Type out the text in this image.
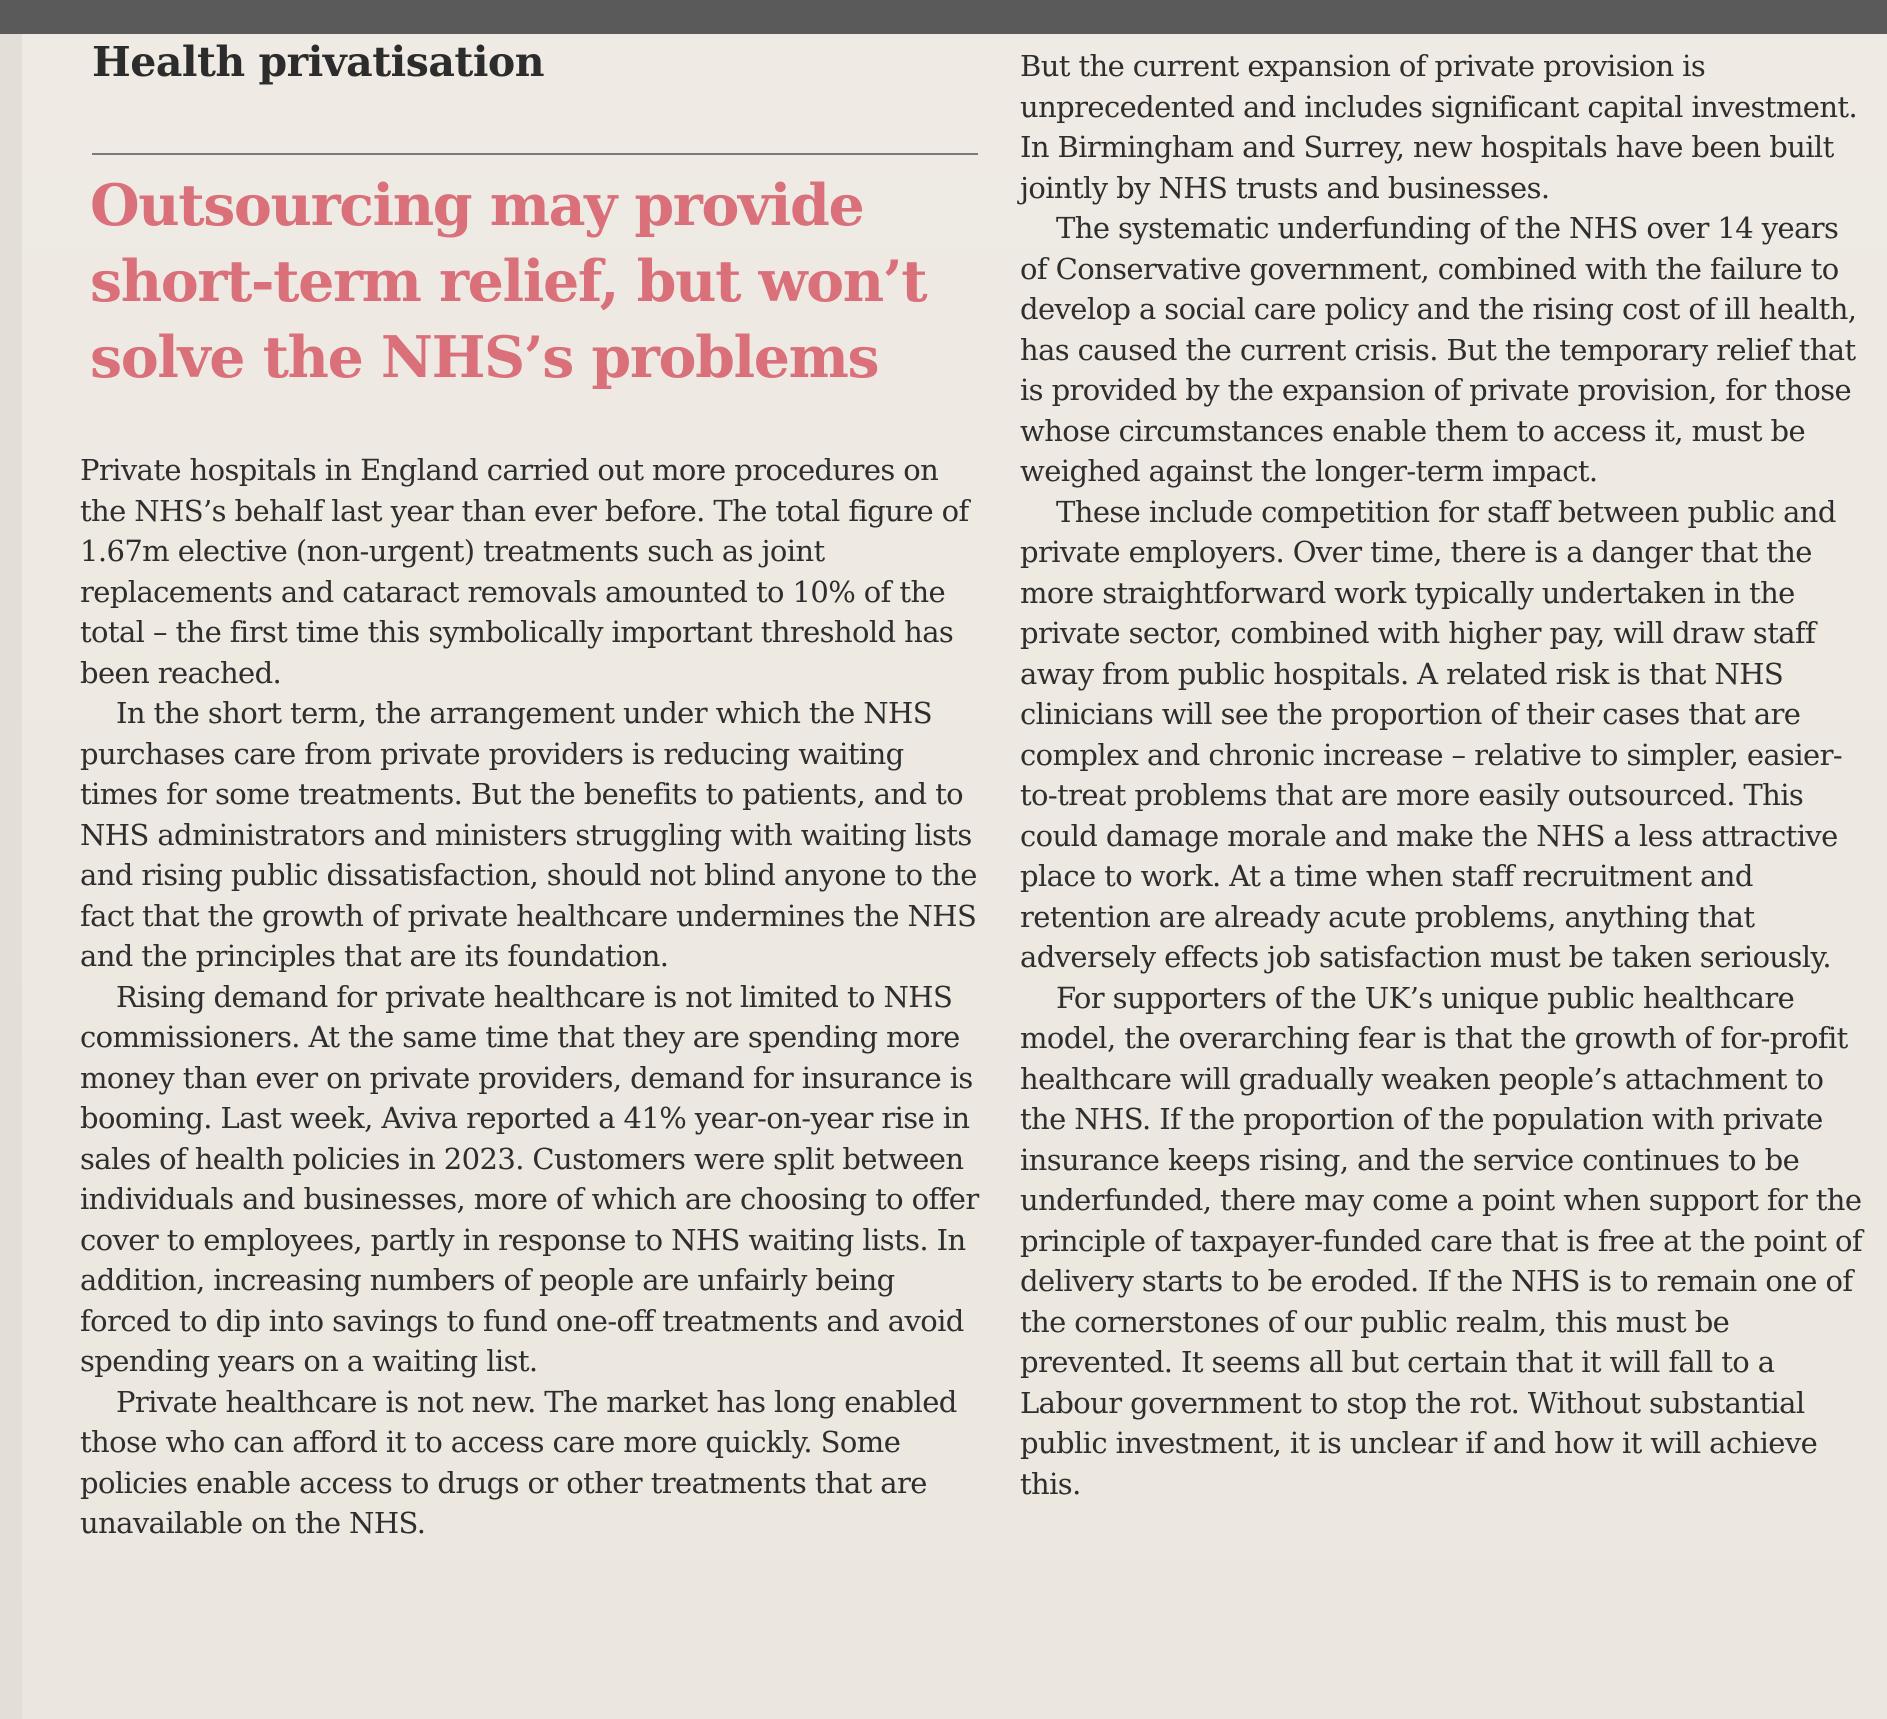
Health privatisation
Outsourcing may provide
short-term relief, but won’t
solve the NHS’s problems

Private hospitals in England carried out more procedures on the NHS’s behalf last year than ever before. The total figure of 1.67m elective (non-urgent) treatments such as joint replacements and cataract removals amounted to 10% of the total – the first time this symbolically important threshold has been reached.

In the short term, the arrangement under which the NHS purchases care from private providers is reducing waiting times for some treatments. But the benefits to patients, and to NHS administrators and ministers struggling with waiting lists and rising public dissatisfaction, should not blind anyone to the fact that the growth of private healthcare undermines the NHS and the principles that are its foundation.

Rising demand for private healthcare is not limited to NHS commissioners. At the same time that they are spending more money than ever on private providers, demand for insurance is booming. Last week, Aviva reported a 41% year-on-year rise in sales of health policies in 2023. Customers were split between individuals and businesses, more of which are choosing to offer cover to employees, partly in response to NHS waiting lists. In addition, increasing numbers of people are unfairly being forced to dip into savings to fund one-off treatments and avoid spending years on a waiting list.

Private healthcare is not new. The market has long enabled those who can afford it to access care more quickly. Some policies enable access to drugs or other treatments that are unavailable on the NHS.

But the current expansion of private provision is unprecedented and includes significant capital investment. In Birmingham and Surrey, new hospitals have been built jointly by NHS trusts and businesses.

The systematic underfunding of the NHS over 14 years of Conservative government, combined with the failure to develop a social care policy and the rising cost of ill health, has caused the current crisis. But the temporary relief that is provided by the expansion of private provision, for those whose circumstances enable them to access it, must be weighed against the longer-term impact.

These include competition for staff between public and private employers. Over time, there is a danger that the more straightforward work typically undertaken in the private sector, combined with higher pay, will draw staff away from public hospitals. A related risk is that NHS clinicians will see the proportion of their cases that are complex and chronic increase – relative to simpler, easier-to-treat problems that are more easily outsourced. This could damage morale and make the NHS a less attractive place to work. At a time when staff recruitment and retention are already acute problems, anything that adversely effects job satisfaction must be taken seriously.

For supporters of the UK’s unique public healthcare model, the overarching fear is that the growth of for-profit healthcare will gradually weaken people’s attachment to the NHS. If the proportion of the population with private insurance keeps rising, and the service continues to be underfunded, there may come a point when support for the principle of taxpayer-funded care that is free at the point of delivery starts to be eroded. If the NHS is to remain one of the cornerstones of our public realm, this must be prevented. It seems all but certain that it will fall to a Labour government to stop the rot. Without substantial public investment, it is unclear if and how it will achieve this.
